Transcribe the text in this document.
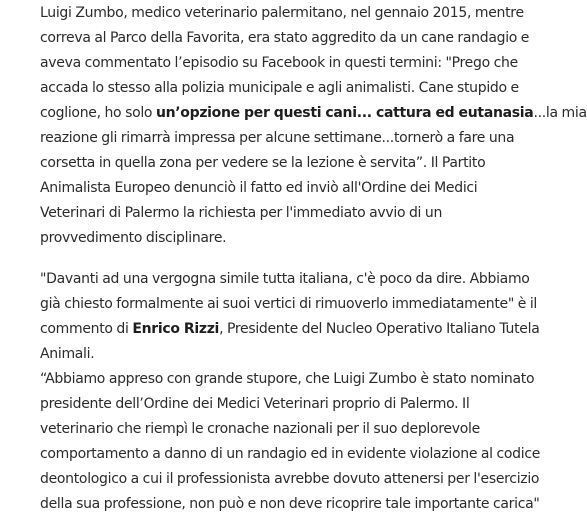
Luigi Zumbo, medico veterinario palermitano, nel gennaio 2015, mentre
correva al Parco della Favorita, era stato aggredito da un cane randagio e
aveva commentato l’episodio su Facebook in questi termini: "Prego che
accada lo stesso alla polizia municipale e agli animalisti. Cane stupido e
coglione, ho solo un’opzione per questi cani... cattura ed eutanasia...la mia
reazione gli rimarrà impressa per alcune settimane...tornerò a fare una
corsetta in quella zona per vedere se la lezione è servita”. Il Partito
Animalista Europeo denunciò il fatto ed inviò all'Ordine dei Medici
Veterinari di Palermo la richiesta per l'immediato avvio di un
provvedimento disciplinare.

"Davanti ad una vergogna simile tutta italiana, c'è poco da dire. Abbiamo
già chiesto formalmente ai suoi vertici di rimuoverlo immediatamente" è il
commento di Enrico Rizzi, Presidente del Nucleo Operativo Italiano Tutela
Animali.
“Abbiamo appreso con grande stupore, che Luigi Zumbo è stato nominato
presidente dell’Ordine dei Medici Veterinari proprio di Palermo. Il
veterinario che riempì le cronache nazionali per il suo deplorevole
comportamento a danno di un randagio ed in evidente violazione al codice
deontologico a cui il professionista avrebbe dovuto attenersi per l'esercizio
della sua professione, non può e non deve ricoprire tale importante carica"
